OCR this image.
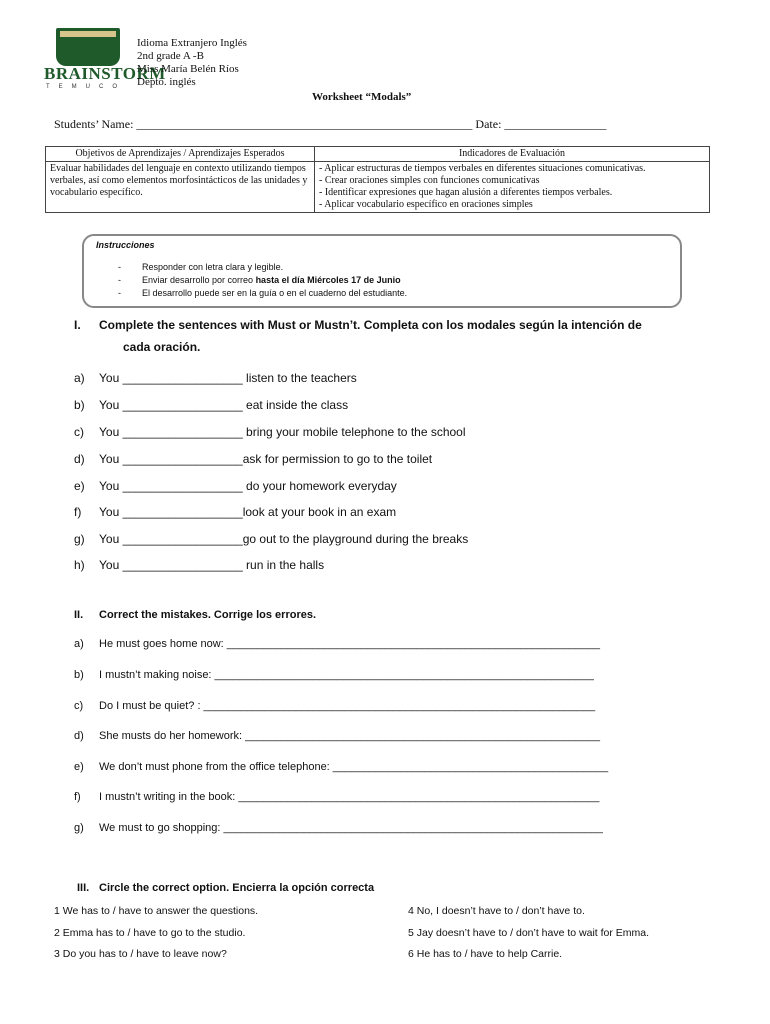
BRAINSTORM
TEMUCO
Idioma Extranjero Inglés
2nd grade A -B
Miss María Belén Ríos
Depto. inglés
Worksheet “Modals”
Students’ Name: ________________________________________________________ Date: _________________
Objetivos de Aprendizajes / Aprendizajes Esperados	Indicadores de Evaluación
Evaluar habilidades del lenguaje en contexto utilizando tiempos verbales, así como elementos morfosintácticos de las unidades y vocabulario específico.	- Aplicar estructuras de tiempos verbales en diferentes situaciones comunicativas.
- Crear oraciones simples con funciones comunicativas
- Identificar expresiones que hagan alusión a diferentes tiempos verbales.
- Aplicar vocabulario específico en oraciones simples
Instrucciones
-
-
-
Responder con letra clara y legible.
Enviar desarrollo por correo hasta el día Miércoles 17 de Junio
El desarrollo puede ser en la guía o en el cuaderno del estudiante.
I. Complete the sentences with Must or Mustn’t. Completa con los modales según la intención de
cada oración.
a) You __________________ listen to the teachers
b) You __________________ eat inside the class
c) You __________________ bring your mobile telephone to the school
d) You __________________ask for permission to go to the toilet
e) You __________________ do your homework everyday
f) You __________________look at your book in an exam
g) You __________________go out to the playground during the breaks
h) You __________________ run in the halls
II. Correct the mistakes. Corrige los errores.
a) He must goes home now: _____________________________________________________________
b) I mustn’t making noise: ______________________________________________________________
c) Do I must be quiet? : ________________________________________________________________
d) She musts do her homework: __________________________________________________________
e) We don’t must phone from the office telephone: _____________________________________________
f) I mustn’t writing in the book: ___________________________________________________________
g) We must to go shopping: ______________________________________________________________
III. Circle the correct option. Encierra la opción correcta
1 We has to / have to answer the questions.
2 Emma has to / have to go to the studio.
3 Do you has to / have to leave now?
4 No, I doesn’t have to / don’t have to.
5 Jay doesn’t have to / don’t have to wait for Emma.
6 He has to / have to help Carrie.
